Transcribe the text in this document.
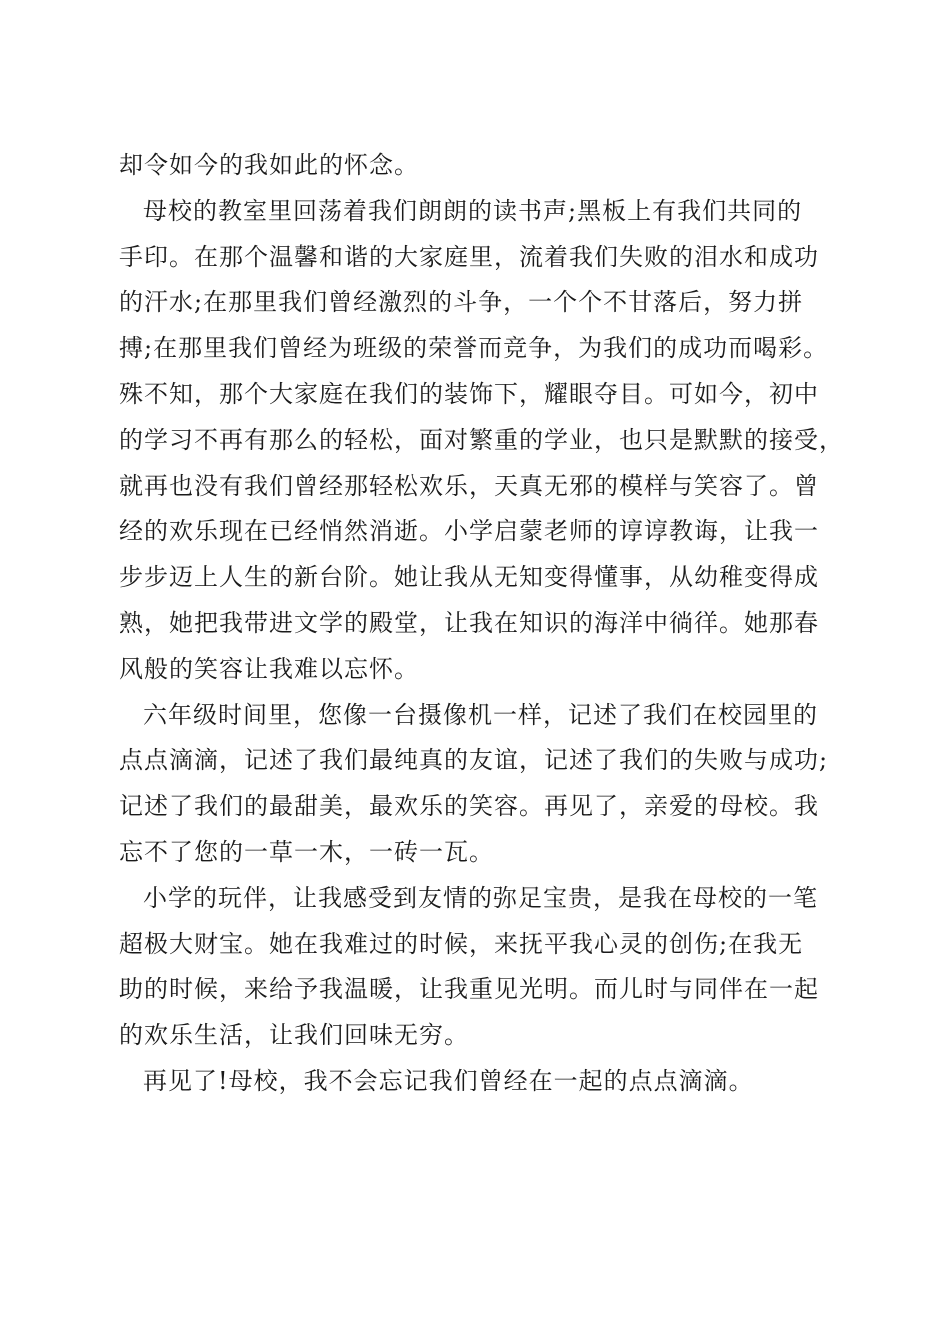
却令如今的我如此的怀念。
母校的教室里回荡着我们朗朗的读书声;黑板上有我们共同的
手印。在那个温馨和谐的大家庭里，流着我们失败的泪水和成功
的汗水;在那里我们曾经激烈的斗争，一个个不甘落后，努力拼
搏;在那里我们曾经为班级的荣誉而竞争，为我们的成功而喝彩。
殊不知，那个大家庭在我们的装饰下，耀眼夺目。可如今，初中
的学习不再有那么的轻松，面对繁重的学业，也只是默默的接受，
就再也没有我们曾经那轻松欢乐，天真无邪的模样与笑容了。曾
经的欢乐现在已经悄然消逝。小学启蒙老师的谆谆教诲，让我一
步步迈上人生的新台阶。她让我从无知变得懂事，从幼稚变得成
熟，她把我带进文学的殿堂，让我在知识的海洋中徜徉。她那春
风般的笑容让我难以忘怀。
六年级时间里，您像一台摄像机一样，记述了我们在校园里的
点点滴滴，记述了我们最纯真的友谊，记述了我们的失败与成功;
记述了我们的最甜美，最欢乐的笑容。再见了，亲爱的母校。我
忘不了您的一草一木，一砖一瓦。
小学的玩伴，让我感受到友情的弥足宝贵，是我在母校的一笔
超极大财宝。她在我难过的时候，来抚平我心灵的创伤;在我无
助的时候，来给予我温暖，让我重见光明。而儿时与同伴在一起
的欢乐生活，让我们回味无穷。
再见了!母校，我不会忘记我们曾经在一起的点点滴滴。
